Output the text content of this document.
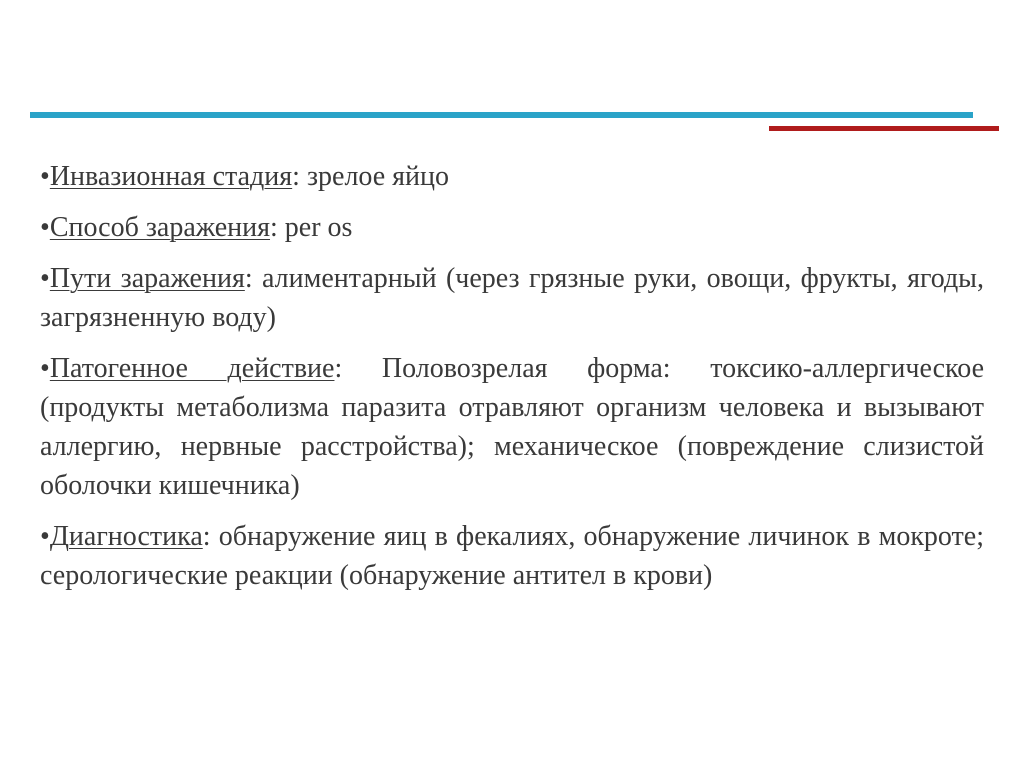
•Инвазионная стадия: зрелое яйцо

•Способ заражения: per os

•Пути заражения: алиментарный (через грязные руки, овощи, фрукты, ягоды, загрязненную воду)

•Патогенное действие: Половозрелая форма: токсико-аллергическое (продукты метаболизма паразита отравляют организм человека и вызывают аллергию, нервные расстройства); механическое (повреждение слизистой оболочки кишечника)

•Диагностика: обнаружение яиц в фекалиях, обнаружение личинок в мокроте; серологические реакции (обнаружение антител в крови)
